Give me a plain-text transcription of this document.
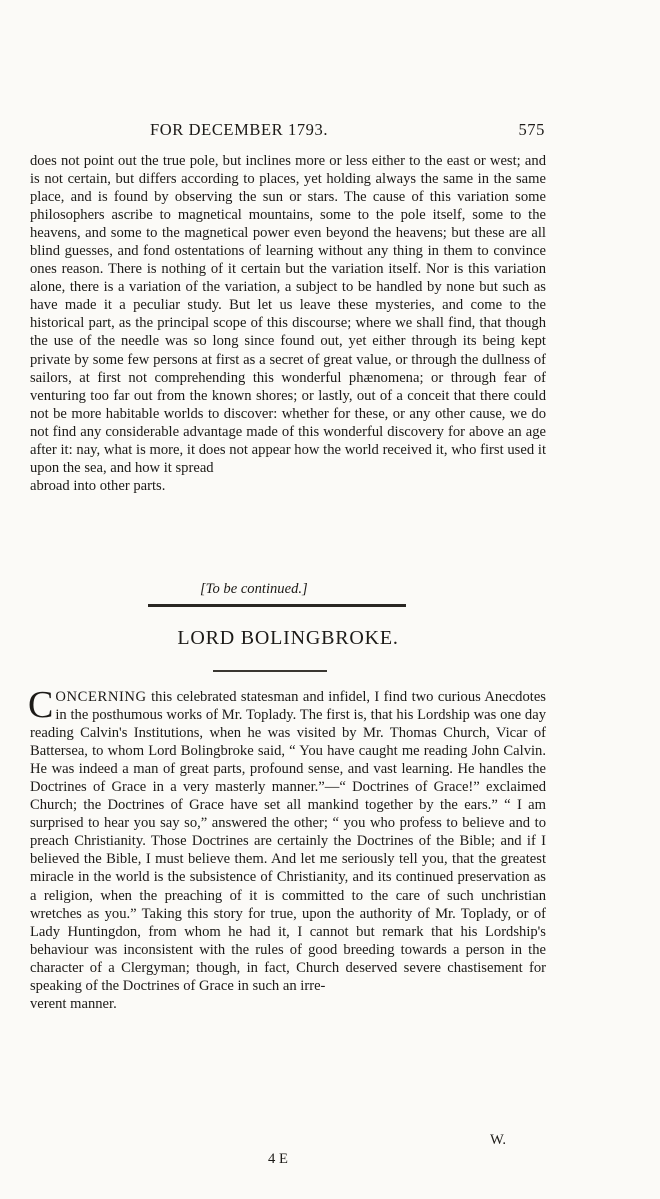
FOR DECEMBER 1793.	575

does not point out the true pole, but inclines more or less either to the east or west; and is not certain, but differs according to places, yet holding always the same in the same place, and is found by observing the sun or stars. The cause of this variation some philosophers ascribe to magnetical mountains, some to the pole itself, some to the heavens, and some to the magnetical power even beyond the heavens; but these are all blind guesses, and fond ostentations of learning without any thing in them to convince ones reason. There is nothing of it certain but the variation itself. Nor is this variation alone, there is a variation of the variation, a subject to be handled by none but such as have made it a peculiar study. But let us leave these mysteries, and come to the historical part, as the principal scope of this discourse; where we shall find, that though the use of the needle was so long since found out, yet either through its being kept private by some few persons at first as a secret of great value, or through the dullness of sailors, at first not comprehending this wonderful phænomena; or through fear of venturing too far out from the known shores; or lastly, out of a conceit that there could not be more habitable worlds to discover: whether for these, or any other cause, we do not find any considerable advantage made of this wonderful discovery for above an age after it: nay, what is more, it does not appear how the world received it, who first used it upon the sea, and how it spread

abroad into other parts.

[To be continued.]
LORD BOLINGBROKE.

CONCERNING this celebrated statesman and infidel, I find two curious Anecdotes in the posthumous works of Mr. Toplady. The first is, that his Lordship was one day reading Calvin's Institutions, when he was visited by Mr. Thomas Church, Vicar of Battersea, to whom Lord Bolingbroke said, “ You have caught me reading John Calvin. He was indeed a man of great parts, profound sense, and vast learning. He handles the Doctrines of Grace in a very masterly manner.”—“ Doctrines of Grace!” exclaimed Church; the Doctrines of Grace have set all mankind together by the ears.” “ I am surprised to hear you say so,” answered the other; “ you who profess to believe and to preach Christianity. Those Doctrines are certainly the Doctrines of the Bible; and if I believed the Bible, I must believe them. And let me seriously tell you, that the greatest miracle in the world is the subsistence of Christianity, and its continued preservation as a religion, when the preaching of it is committed to the care of such unchristian wretches as you.” Taking this story for true, upon the authority of Mr. Toplady, or of Lady Huntingdon, from whom he had it, I cannot but remark that his Lordship's behaviour was inconsistent with the rules of good breeding towards a person in the character of a Clergyman; though, in fact, Church deserved severe chastisement for speaking of the Doctrines of Grace in such an irre-

verent manner.

W.
4 E
